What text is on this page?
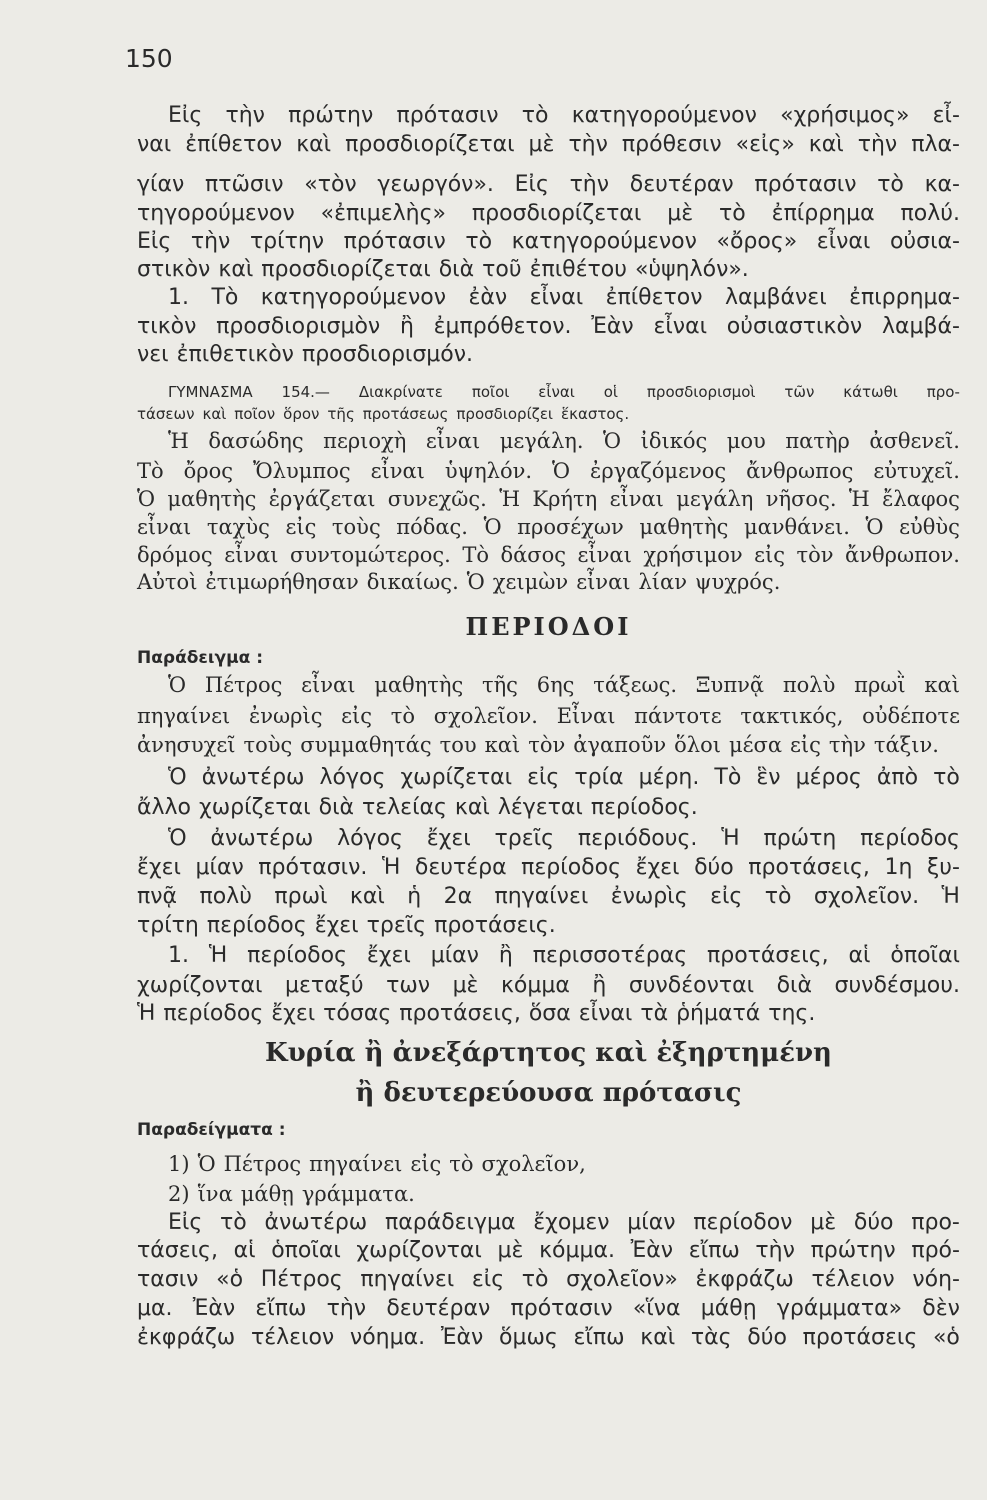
150
Εἰς τὴν πρώτην πρότασιν τὸ κατηγορούμενον «χρήσιμος» εἶ-
ναι ἐπίθετον καὶ προσδιορίζεται μὲ τὴν πρόθεσιν «εἰς» καὶ τὴν πλα-
γίαν πτῶσιν «τὸν γεωργόν». Εἰς τὴν δευτέραν πρότασιν τὸ κα-
τηγορούμενον «ἐπιμελὴς» προσδιορίζεται μὲ τὸ ἐπίρρημα πολύ.
Εἰς τὴν τρίτην πρότασιν τὸ κατηγορούμενον «ὄρος» εἶναι οὐσια-
στικὸν καὶ προσδιορίζεται διὰ τοῦ ἐπιθέτου «ὑψηλόν».
1. Τὸ κατηγορούμενον ἐὰν εἶναι ἐπίθετον λαμβάνει ἐπιρρημα-
τικὸν προσδιορισμὸν ἢ ἐμπρόθετον. Ἐὰν εἶναι οὐσιαστικὸν λαμβά-
νει ἐπιθετικὸν προσδιορισμόν.
ΓΥΜΝΑΣΜΑ 154.— Διακρίνατε ποῖοι εἶναι οἱ προσδιορισμοὶ τῶν κάτωθι προ-
τάσεων καὶ ποῖον ὅρον τῆς προτάσεως προσδιορίζει ἕκαστος.
Ἡ δασώδης περιοχὴ εἶναι μεγάλη. Ὁ ἰδικός μου πατὴρ ἀσθενεῖ.
Τὸ ὄρος Ὄλυμπος εἶναι ὑψηλόν. Ὁ ἐργαζόμενος ἄνθρωπος εὐτυχεῖ.
Ὁ μαθητὴς ἐργάζεται συνεχῶς. Ἡ Κρήτη εἶναι μεγάλη νῆσος. Ἡ ἔλαφος
εἶναι ταχὺς εἰς τοὺς πόδας. Ὁ προσέχων μαθητὴς μανθάνει. Ὁ εὐθὺς
δρόμος εἶναι συντομώτερος. Τὸ δάσος εἶναι χρήσιμον εἰς τὸν ἄνθρωπον.
Αὐτοὶ ἐτιμωρήθησαν δικαίως. Ὁ χειμὼν εἶναι λίαν ψυχρός.
Ὁ Πέτρος εἶναι μαθητὴς τῆς 6ης τάξεως. Ξυπνᾷ πολὺ πρωῒ καὶ
πηγαίνει ἐνωρὶς εἰς τὸ σχολεῖον. Εἶναι πάντοτε τακτικός, οὐδέποτε
ἀνησυχεῖ τοὺς συμμαθητάς του καὶ τὸν ἀγαποῦν ὅλοι μέσα εἰς τὴν τάξιν.
Ὁ ἀνωτέρω λόγος χωρίζεται εἰς τρία μέρη. Τὸ ἓν μέρος ἀπὸ τὸ
ἄλλο χωρίζεται διὰ τελείας καὶ λέγεται περίοδος.
Ὁ ἀνωτέρω λόγος ἔχει τρεῖς περιόδους. Ἡ πρώτη περίοδος
ἔχει μίαν πρότασιν. Ἡ δευτέρα περίοδος ἔχει δύο προτάσεις, 1η ξυ-
πνᾷ πολὺ πρωὶ καὶ ἡ 2α πηγαίνει ἐνωρὶς εἰς τὸ σχολεῖον. Ἡ
τρίτη περίοδος ἔχει τρεῖς προτάσεις.
1. Ἡ περίοδος ἔχει μίαν ἢ περισσοτέρας προτάσεις, αἱ ὁποῖαι
χωρίζονται μεταξύ των μὲ κόμμα ἢ συνδέονται διὰ συνδέσμου.
Ἡ περίοδος ἔχει τόσας προτάσεις, ὅσα εἶναι τὰ ῥήματά της.
1) Ὁ Πέτρος πηγαίνει εἰς τὸ σχολεῖον,
2) ἵνα μάθῃ γράμματα.
Εἰς τὸ ἀνωτέρω παράδειγμα ἔχομεν μίαν περίοδον μὲ δύο προ-
τάσεις, αἱ ὁποῖαι χωρίζονται μὲ κόμμα. Ἐὰν εἴπω τὴν πρώτην πρό-
τασιν «ὁ Πέτρος πηγαίνει εἰς τὸ σχολεῖον» ἐκφράζω τέλειον νόη-
μα. Ἐὰν εἴπω τὴν δευτέραν πρότασιν «ἵνα μάθῃ γράμματα» δὲν
ἐκφράζω τέλειον νόημα. Ἐὰν ὅμως εἴπω καὶ τὰς δύο προτάσεις «ὁ
ΠΕΡΙΟΔΟΙ
Παράδειγμα :
Κυρία ἢ ἀνεξάρτητος καὶ ἐξηρτημένη
ἢ δευτερεύουσα πρότασις
Παραδείγματα :
